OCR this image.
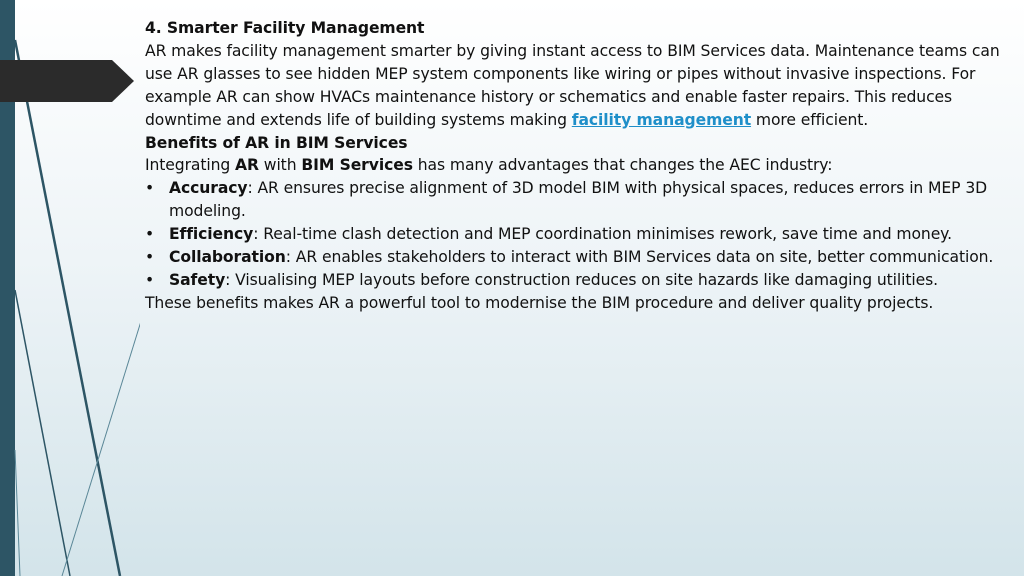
4. Smarter Facility Management

AR makes facility management smarter by giving instant access to BIM Services data. Maintenance teams can use AR glasses to see hidden MEP system components like wiring or pipes without invasive inspections. For example AR can show HVACs maintenance history or schematics and enable faster repairs. This reduces downtime and extends life of building systems making facility management more efficient.

Benefits of AR in BIM Services

Integrating AR with BIM Services has many advantages that changes the AEC industry:

• Accuracy: AR ensures precise alignment of 3D model BIM with physical spaces, reduces errors in MEP 3D modeling.
• Efficiency: Real-time clash detection and MEP coordination minimises rework, save time and money.
• Collaboration: AR enables stakeholders to interact with BIM Services data on site, better communication.
• Safety: Visualising MEP layouts before construction reduces on site hazards like damaging utilities.

These benefits makes AR a powerful tool to modernise the BIM procedure and deliver quality projects.
